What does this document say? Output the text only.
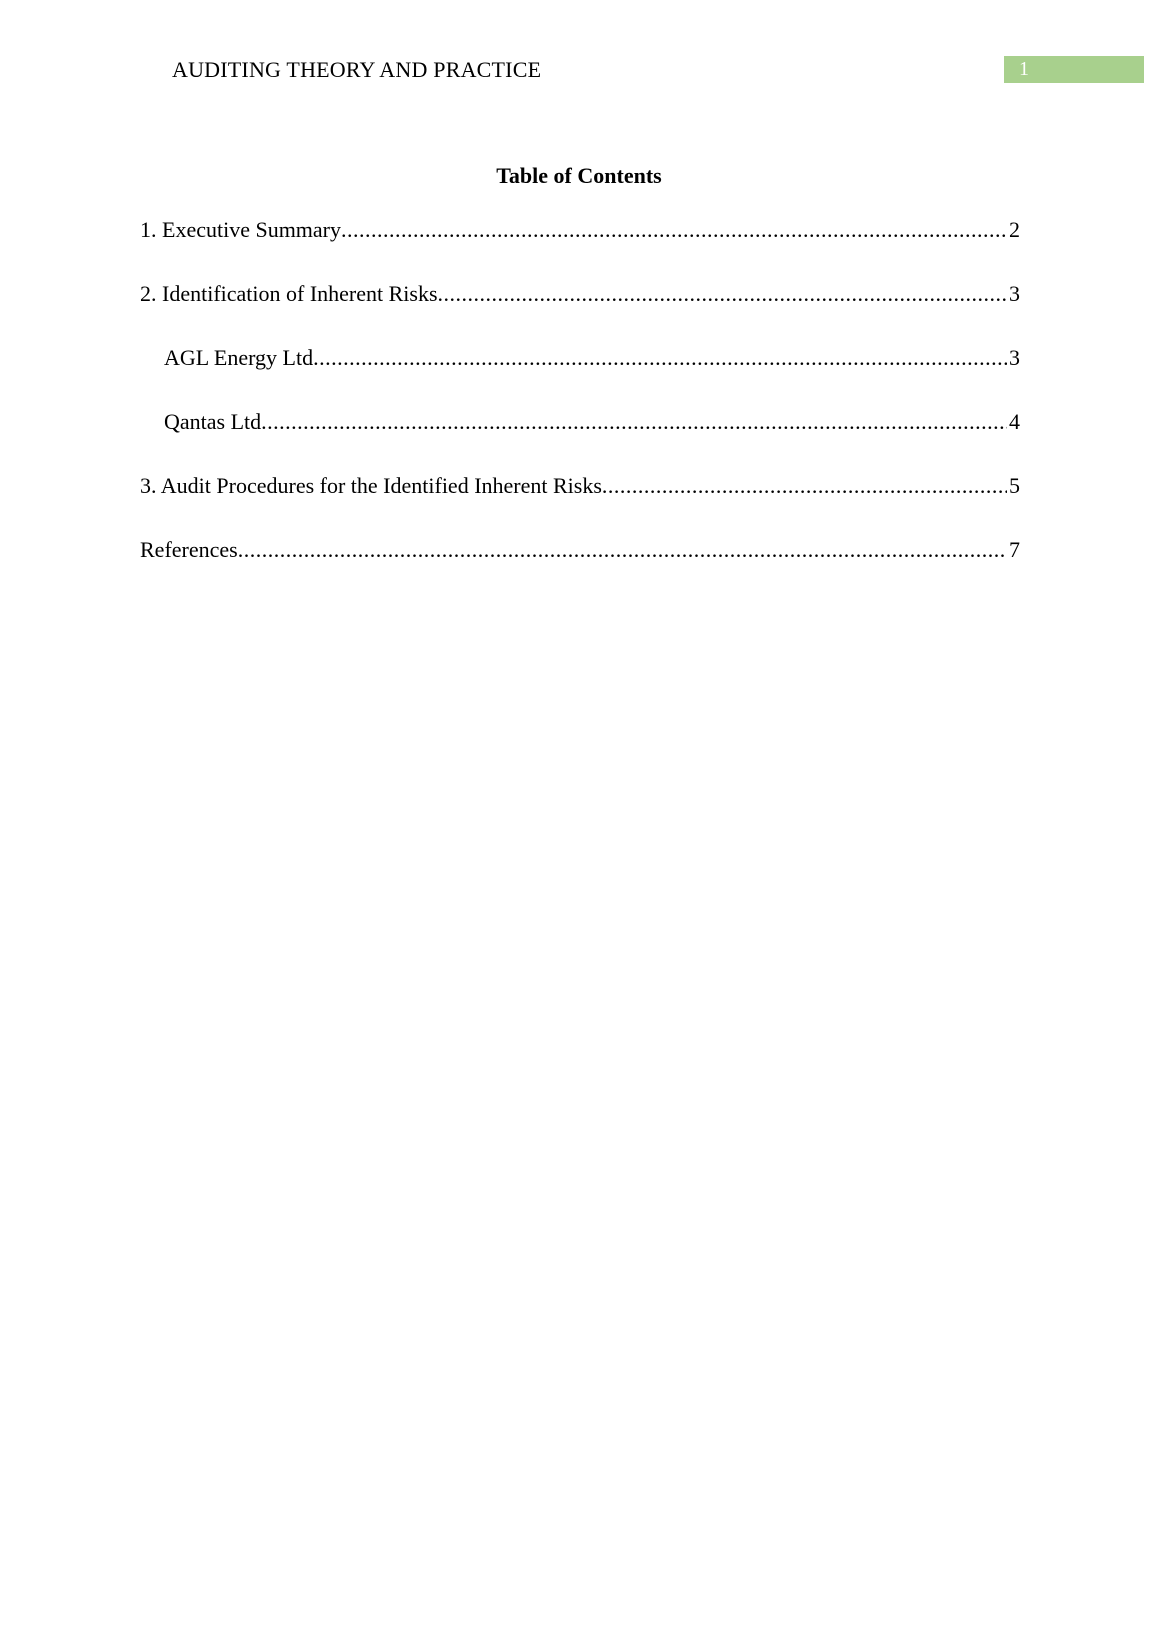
AUDITING THEORY AND PRACTICE	1
Table of Contents
1. Executive Summary .....	2
2. Identification of Inherent Risks .....	3
AGL Energy Ltd .....	3
Qantas Ltd .....	4
3. Audit Procedures for the Identified Inherent Risks .....	5
References .....	7
